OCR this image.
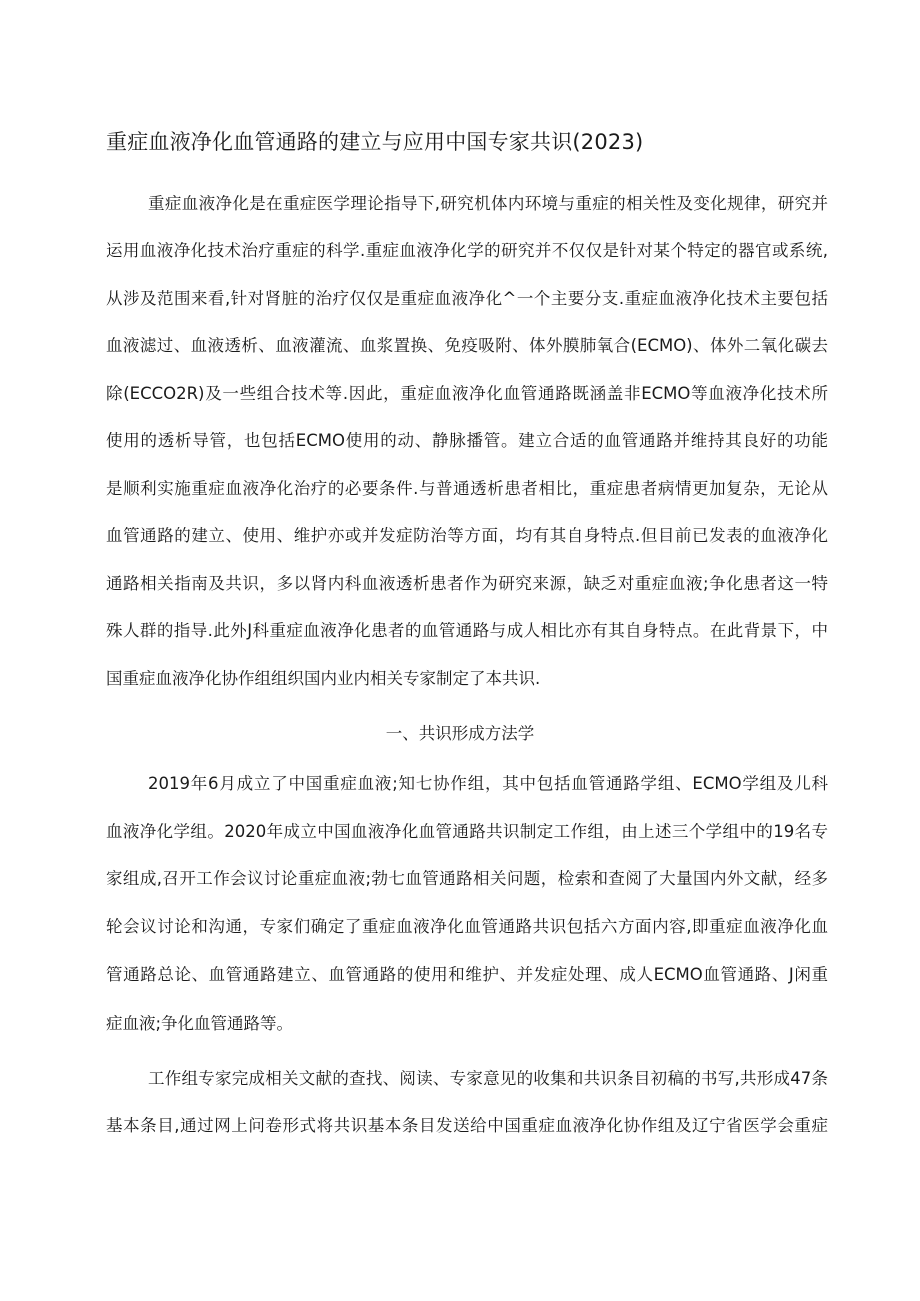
重症血液净化血管通路的建立与应用中国专家共识(2023)

重症血液净化是在重症医学理论指导下,研究机体内环境与重症的相关性及变化规律，研究并

运用血液净化技术治疗重症的科学.重症血液净化学的研究并不仅仅是针对某个特定的器官或系统,

从涉及范围来看,针对肾脏的治疗仅仅是重症血液净化^一个主要分支.重症血液净化技术主要包括

血液滤过、血液透析、血液灌流、血浆置换、免疫吸附、体外膜肺氧合(ECMO)、体外二氧化碳去

除(ECCO2R)及一些组合技术等.因此，重症血液净化血管通路既涵盖非ECMO等血液净化技术所

使用的透析导管，也包括ECMO使用的动、静脉播管。建立合适的血管通路并维持其良好的功能

是顺利实施重症血液净化治疗的必要条件.与普通透析患者相比，重症患者病情更加复杂，无论从

血管通路的建立、使用、维护亦或并发症防治等方面，均有其自身特点.但目前已发表的血液净化

通路相关指南及共识，多以肾内科血液透析患者作为研究来源，缺乏对重症血液;争化患者这一特

殊人群的指导.此外J科重症血液净化患者的血管通路与成人相比亦有其自身特点。在此背景下，中

国重症血液净化协作组组织国内业内相关专家制定了本共识.

一、共识形成方法学

2019年6月成立了中国重症血液;知七协作组，其中包括血管通路学组、ECMO学组及儿科

血液净化学组。2020年成立中国血液净化血管通路共识制定工作组，由上述三个学组中的19名专

家组成,召开工作会议讨论重症血液;勃七血管通路相关问题，检索和查阅了大量国内外文献，经多

轮会议讨论和沟通，专家们确定了重症血液净化血管通路共识包括六方面内容,即重症血液净化血

管通路总论、血管通路建立、血管通路的使用和维护、并发症处理、成人ECMO血管通路、J闲重

症血液;争化血管通路等。

工作组专家完成相关文献的查找、阅读、专家意见的收集和共识条目初稿的书写,共形成47条

基本条目,通过网上问卷形式将共识基本条目发送给中国重症血液净化协作组及辽宁省医学会重症
